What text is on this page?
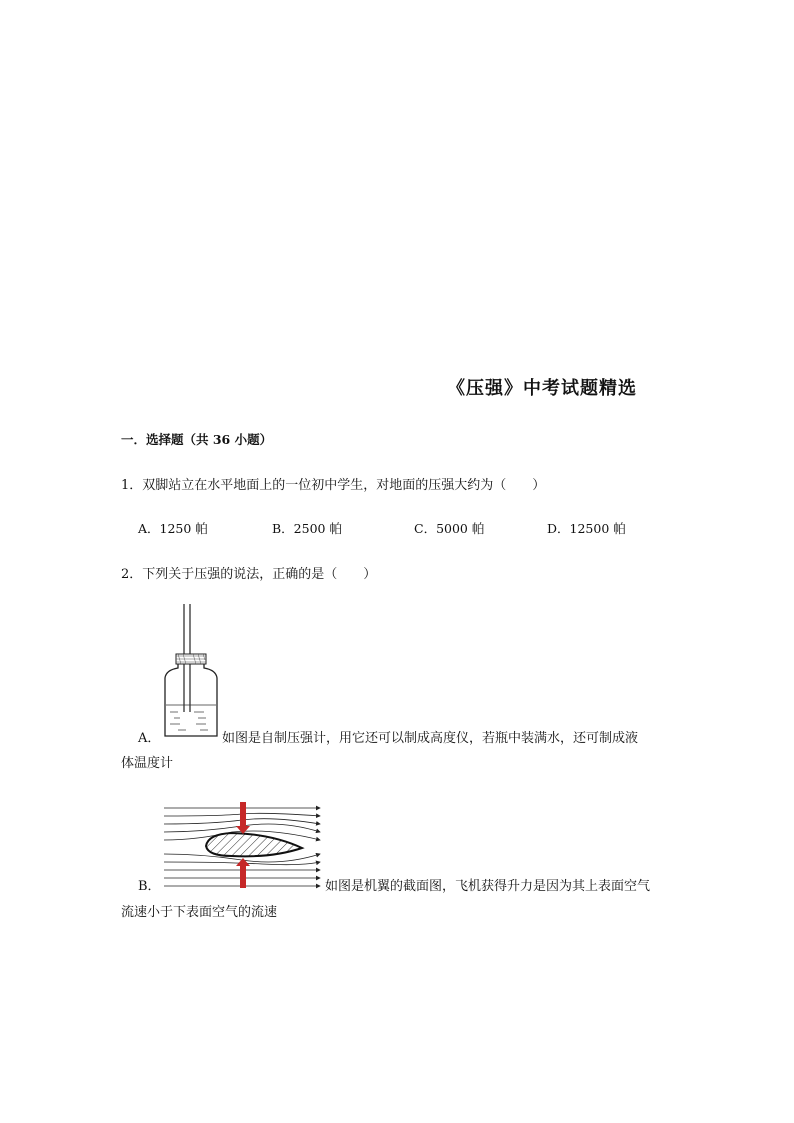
《压强》中考试题精选
一．选择题（共 36 小题）
1．双脚站立在水平地面上的一位初中学生，对地面的压强大约为（　　）
A．1250 帕	B．2500 帕	C．5000 帕	D．12500 帕
2．下列关于压强的说法，正确的是（　　）
A．	如图是自制压强计，用它还可以制成高度仪，若瓶中装满水，还可制成液
体温度计
B．	如图是机翼的截面图，飞机获得升力是因为其上表面空气
流速小于下表面空气的流速
